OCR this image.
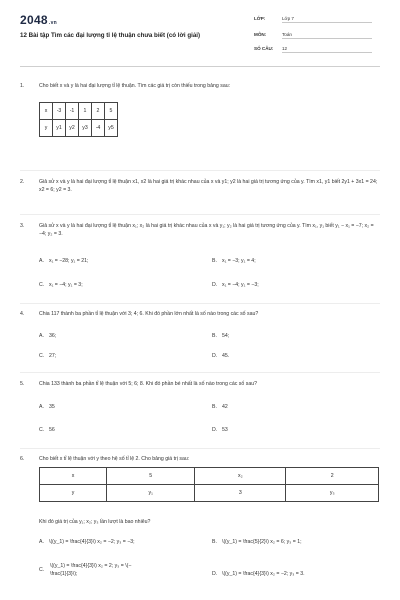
2048.vn
12 Bài tập Tìm các đại lượng tỉ lệ thuận chưa biết (có lời giải)
LỚP:	Lớp 7
MÔN:	Toán
SỐ CÂU: 12
1.	Cho biết x và y là hai đại lượng tỉ lệ thuận. Tìm các giá trị còn thiếu trong bảng sau:
x	-3	-1	1	2	5
y	y1	y2	y3	-4	y5
2.	Giả sử x và y là hai đại lượng tỉ lệ thuận x1, x2 là hai giá trị khác nhau của x và y1; y2 là hai giá trị tương ứng của y. Tìm x1, y1 biết 2y1 + 3x1 = 24; x2 = 6; y2 = 3.
3.	Giả sử x và y là hai đại lượng tỉ lệ thuận x₁; x₂ là hai giá trị khác nhau của x và y₁; y₂ là hai giá trị tương ứng của y. Tìm x₁, y₁ biết y₁ − x₁ = −7; x₂ = −4; y₂ = 3.
A. x₁ = −28; y₁ = 21;	B. x₁ = −3; y₁ = 4;
C. x₁ = −4; y₁ = 3;	D. x₁ = −4; y₁ = −3;
4.	Chia 117 thành ba phần tỉ lệ thuận với 3; 4; 6. Khi đó phần lớn nhất là số nào trong các số sau?
A. 36;	B. 54;
C. 27;	D. 45.
5.	Chia 133 thành ba phần tỉ lệ thuận với 5; 6; 8. Khi đó phần bé nhất là số nào trong các số sau?
A. 35	B. 42
C. 56	D. 53
6.	Cho biết x tỉ lệ thuận với y theo hệ số tỉ lệ 2. Cho bảng giá trị sau:
x	5	x₂	2
y	y₁	3	y₃
Khi đó giá trị của y₁; x₂; y₃ lần lượt là bao nhiêu?
A. \((y_1) = \frac{4}{3}\) x₂ = −2; y₃ = −3;	B. \((y_1) = \frac{5}{2}\) x₂ = 6; y₃ = 1;
C.
\((y_1) = \frac{4}{3}\) x₂ = 2; y₃ = \(−
\frac{1}{3}\);	D. \((y_1) = \frac{4}{3}\) x₂ = −2; y₃ = 3.
